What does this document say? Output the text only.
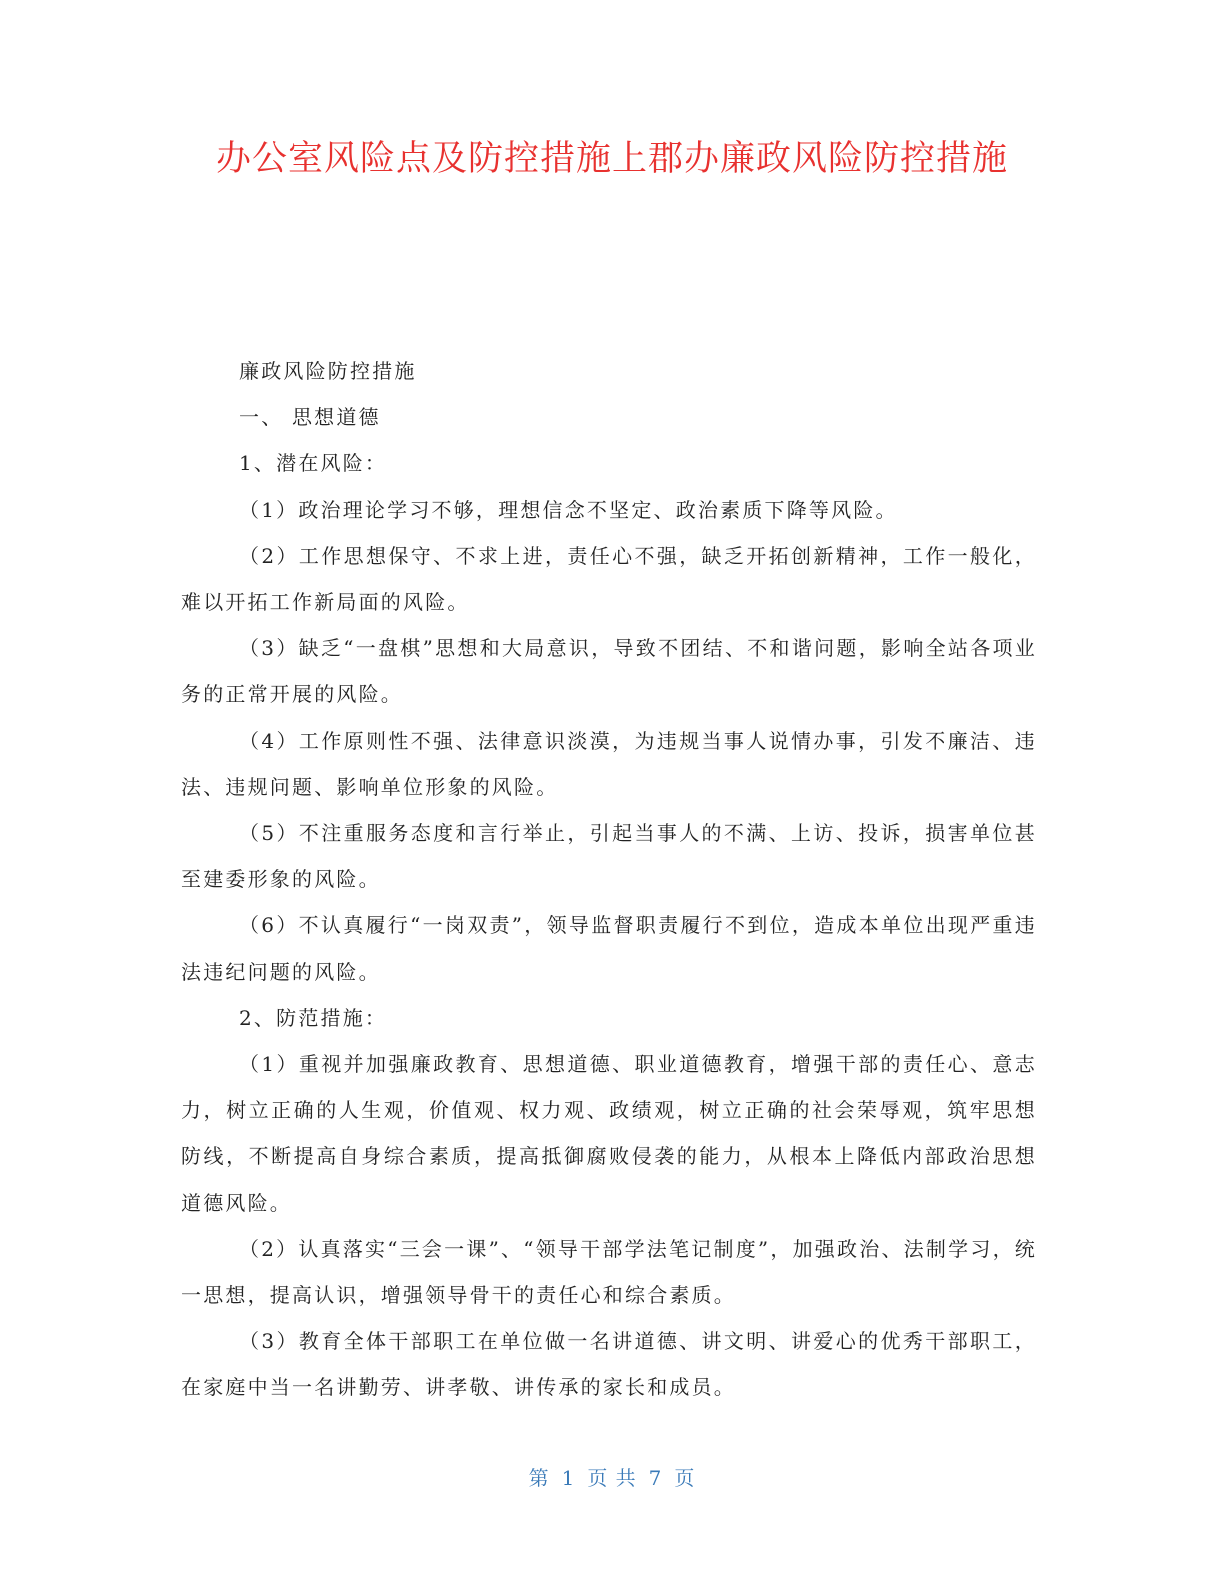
办公室风险点及防控措施上郡办廉政风险防控措施

廉政风险防控措施

一、 思想道德

1、潜在风险：

（1）政治理论学习不够，理想信念不坚定、政治素质下降等风险。

（2）工作思想保守、不求上进，责任心不强，缺乏开拓创新精神，工作一般化，难以开拓工作新局面的风险。

（3）缺乏“一盘棋”思想和大局意识，导致不团结、不和谐问题，影响全站各项业务的正常开展的风险。

（4）工作原则性不强、法律意识淡漠，为违规当事人说情办事，引发不廉洁、违法、违规问题、影响单位形象的风险。

（5）不注重服务态度和言行举止，引起当事人的不满、上访、投诉，损害单位甚至建委形象的风险。

（6）不认真履行“一岗双责”，领导监督职责履行不到位，造成本单位出现严重违法违纪问题的风险。

2、防范措施：

（1）重视并加强廉政教育、思想道德、职业道德教育，增强干部的责任心、意志力，树立正确的人生观，价值观、权力观、政绩观，树立正确的社会荣辱观，筑牢思想防线，不断提高自身综合素质，提高抵御腐败侵袭的能力，从根本上降低内部政治思想道德风险。

（2）认真落实“三会一课”、“领导干部学法笔记制度”，加强政治、法制学习，统一思想，提高认识，增强领导骨干的责任心和综合素质。

（3）教育全体干部职工在单位做一名讲道德、讲文明、讲爱心的优秀干部职工，在家庭中当一名讲勤劳、讲孝敬、讲传承的家长和成员。

第 1 页 共 7 页
